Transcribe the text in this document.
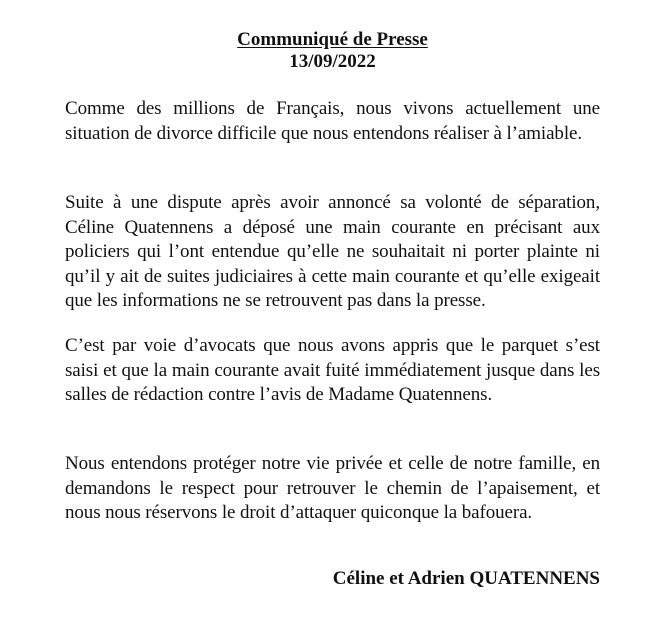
Communiqué de Presse
13/09/2022
Comme des millions de Français, nous vivons actuellement une situation de divorce difficile que nous entendons réaliser à l’amiable.
Suite à une dispute après avoir annoncé sa volonté de séparation, Céline Quatennens a déposé une main courante en précisant aux policiers qui l’ont entendue qu’elle ne souhaitait ni porter plainte ni qu’il y ait de suites judiciaires à cette main courante et qu’elle exigeait que les informations ne se retrouvent pas dans la presse.
C’est par voie d’avocats que nous avons appris que le parquet s’est saisi et que la main courante avait fuité immédiatement jusque dans les salles de rédaction contre l’avis de Madame Quatennens.
Nous entendons protéger notre vie privée et celle de notre famille, en demandons le respect pour retrouver le chemin de l’apaisement, et nous nous réservons le droit d’attaquer quiconque la bafouera.
Céline et Adrien QUATENNENS
